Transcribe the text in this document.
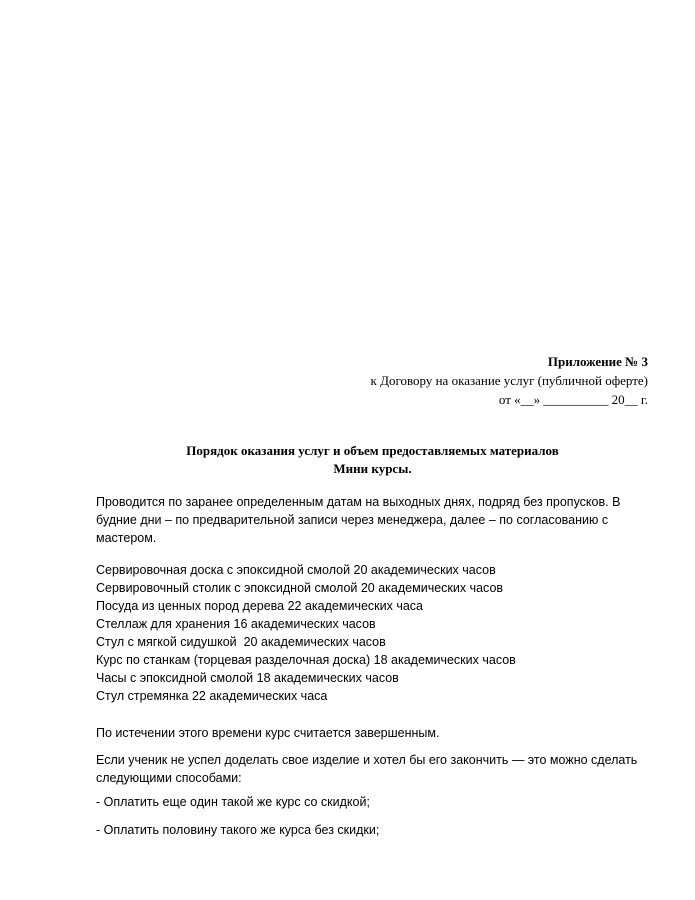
Приложение № 3
к Договору на оказание услуг (публичной оферте)
от «__» __________ 20__ г.
Порядок оказания услуг и объем предоставляемых материалов
Мини курсы.
Проводится по заранее определенным датам на выходных днях, подряд без пропусков. В будние дни – по предварительной записи через менеджера, далее – по согласованию с мастером.
Сервировочная доска с эпоксидной смолой 20 академических часов
Сервировочный столик с эпоксидной смолой 20 академических часов
Посуда из ценных пород дерева 22 академических часа
Стеллаж для хранения 16 академических часов
Стул с мягкой сидушкой  20 академических часов
Курс по станкам (торцевая разделочная доска) 18 академических часов
Часы с эпоксидной смолой 18 академических часов
Стул стремянка 22 академических часа
По истечении этого времени курс считается завершенным.
Если ученик не успел доделать свое изделие и хотел бы его закончить — это можно сделать следующими способами:
- Оплатить еще один такой же курс со скидкой;
- Оплатить половину такого же курса без скидки;
